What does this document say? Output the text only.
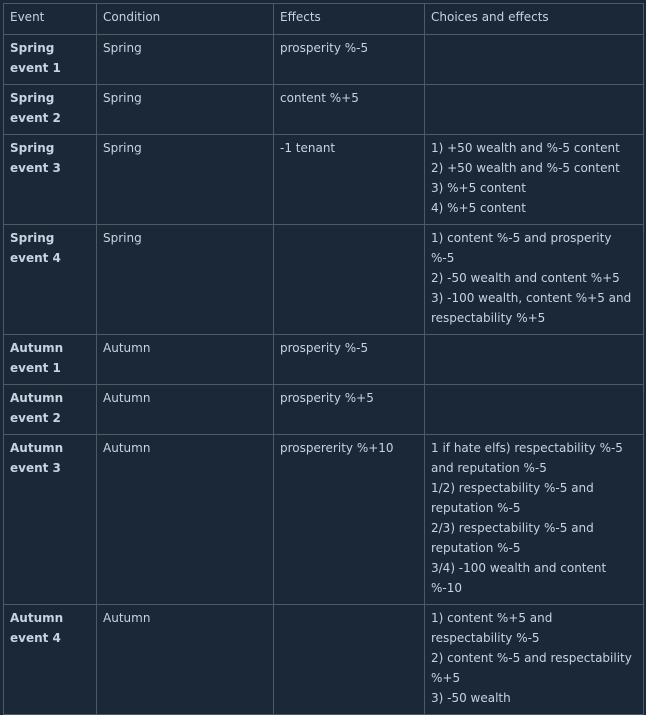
Event	Condition	Effects	Choices and effects
Spring event 1	Spring	prosperity %-5	
Spring event 2	Spring	content %+5	
Spring event 3	Spring	-1 tenant	1) +50 wealth and %-5 content
2) +50 wealth and %-5 content
3) %+5 content
4) %+5 content

Spring event 4	Spring		1) content %-5 and prosperity %-5
2) -50 wealth and content %+5
3) -100 wealth, content %+5 and respectability %+5

Autumn event 1	Autumn	prosperity %-5	
Autumn event 2	Autumn	prosperity %+5	
Autumn event 3	Autumn	prospererity %+10	1 if hate elfs) respectability %-5 and reputation %-5
1/2) respectability %-5 and reputation %-5
2/3) respectability %-5 and reputation %-5
3/4) -100 wealth and content %-10

Autumn event 4	Autumn		1) content %+5 and respectability %-5
2) content %-5 and respectability %+5
3) -50 wealth
